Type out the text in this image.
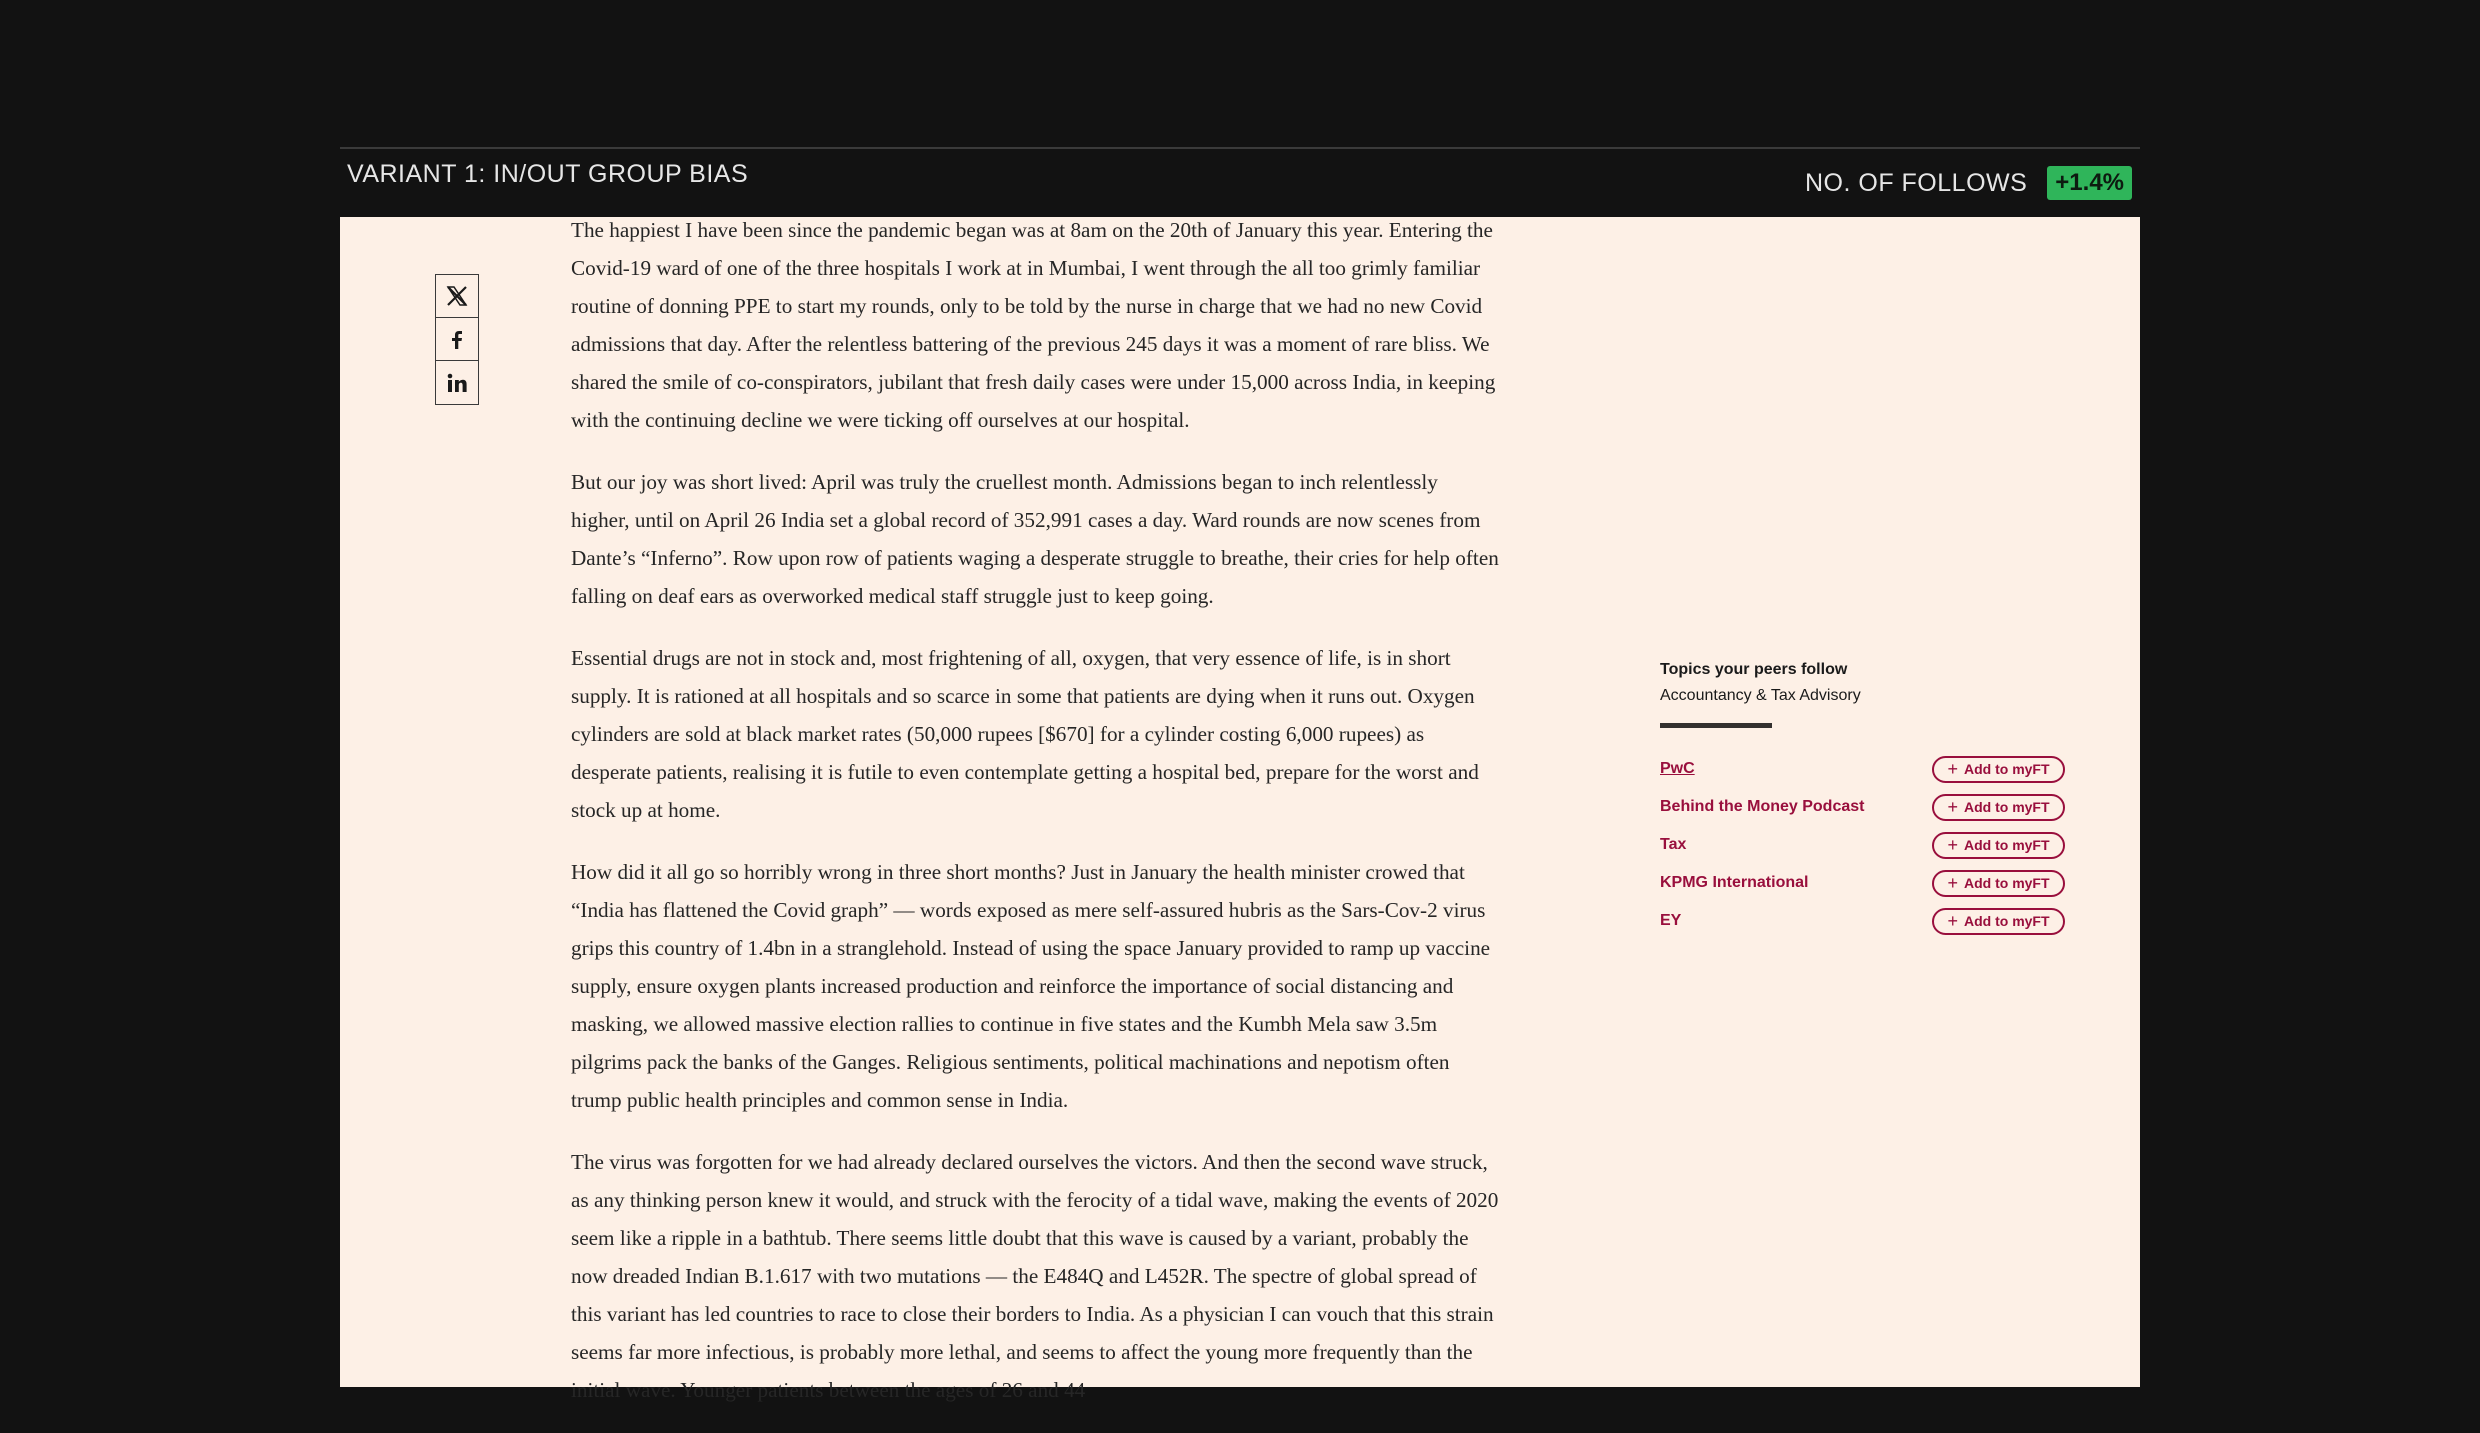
VARIANT 1: IN/OUT GROUP BIAS	NO. OF FOLLOWS	+1.4%

The happiest I have been since the pandemic began was at 8am on the 20th of January this year. Entering the Covid-19 ward of one of the three hospitals I work at in Mumbai, I went through the all too grimly familiar routine of donning PPE to start my rounds, only to be told by the nurse in charge that we had no new Covid admissions that day. After the relentless battering of the previous 245 days it was a moment of rare bliss. We shared the smile of co-conspirators, jubilant that fresh daily cases were under 15,000 across India, in keeping with the continuing decline we were ticking off ourselves at our hospital.

But our joy was short lived: April was truly the cruellest month. Admissions began to inch relentlessly higher, until on April 26 India set a global record of 352,991 cases a day. Ward rounds are now scenes from Dante’s “Inferno”. Row upon row of patients waging a desperate struggle to breathe, their cries for help often falling on deaf ears as overworked medical staff struggle just to keep going.

Essential drugs are not in stock and, most frightening of all, oxygen, that very essence of life, is in short supply. It is rationed at all hospitals and so scarce in some that patients are dying when it runs out. Oxygen cylinders are sold at black market rates (50,000 rupees [$670] for a cylinder costing 6,000 rupees) as desperate patients, realising it is futile to even contemplate getting a hospital bed, prepare for the worst and stock up at home.

How did it all go so horribly wrong in three short months? Just in January the health minister crowed that “India has flattened the Covid graph” — words exposed as mere self-assured hubris as the Sars-Cov-2 virus grips this country of 1.4bn in a stranglehold. Instead of using the space January provided to ramp up vaccine supply, ensure oxygen plants increased production and reinforce the importance of social distancing and masking, we allowed massive election rallies to continue in five states and the Kumbh Mela saw 3.5m pilgrims pack the banks of the Ganges. Religious sentiments, political machinations and nepotism often trump public health principles and common sense in India.

The virus was forgotten for we had already declared ourselves the victors. And then the second wave struck, as any thinking person knew it would, and struck with the ferocity of a tidal wave, making the events of 2020 seem like a ripple in a bathtub. There seems little doubt that this wave is caused by a variant, probably the now dreaded Indian B.1.617 with two mutations — the E484Q and L452R. The spectre of global spread of this variant has led countries to race to close their borders to India. As a physician I can vouch that this strain seems far more infectious, is probably more lethal, and seems to affect the young more frequently than the initial wave. Younger patients between the ages of 26 and 44

Topics your peers follow
Accountancy & Tax Advisory
PwC	+ Add to myFT
Behind the Money Podcast	+ Add to myFT
Tax	+ Add to myFT
KPMG International	+ Add to myFT
EY	+ Add to myFT
